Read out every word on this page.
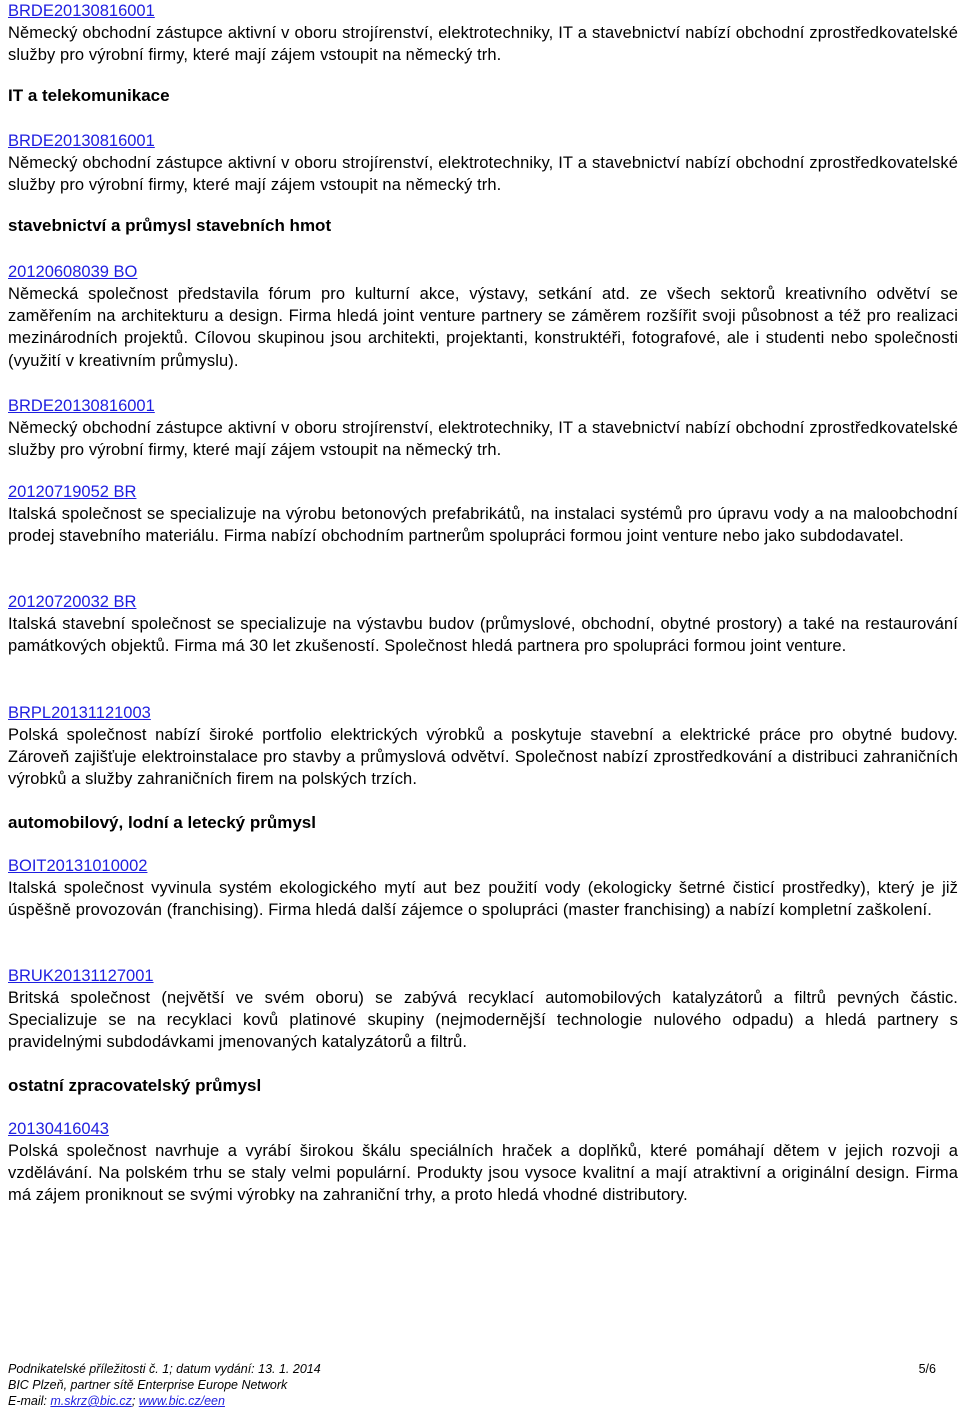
BRDE20130816001

Německý obchodní zástupce aktivní v oboru strojírenství, elektrotechniky, IT a stavebnictví nabízí obchodní zprostředkovatelské služby pro výrobní firmy, které mají zájem vstoupit na německý trh.

IT a telekomunikace
BRDE20130816001

Německý obchodní zástupce aktivní v oboru strojírenství, elektrotechniky, IT a stavebnictví nabízí obchodní zprostředkovatelské služby pro výrobní firmy, které mají zájem vstoupit na německý trh.

stavebnictví a průmysl stavebních hmot
20120608039 BO

Německá společnost představila fórum pro kulturní akce, výstavy, setkání atd. ze všech sektorů kreativního odvětví se zaměřením na architekturu a design. Firma hledá joint venture partnery se záměrem rozšířit svoji působnost a též pro realizaci mezinárodních projektů. Cílovou skupinou jsou architekti, projektanti, konstruktéři, fotografové, ale i studenti nebo společnosti (využití v kreativním průmyslu).

BRDE20130816001

Německý obchodní zástupce aktivní v oboru strojírenství, elektrotechniky, IT a stavebnictví nabízí obchodní zprostředkovatelské služby pro výrobní firmy, které mají zájem vstoupit na německý trh.

20120719052 BR

Italská společnost se specializuje na výrobu betonových prefabrikátů, na instalaci systémů pro úpravu vody a na maloobchodní prodej stavebního materiálu. Firma nabízí obchodním partnerům spolupráci formou joint venture nebo jako subdodavatel.

20120720032 BR

Italská stavební společnost se specializuje na výstavbu budov (průmyslové, obchodní, obytné prostory) a také na restaurování památkových objektů. Firma má 30 let zkušeností. Společnost hledá partnera pro spolupráci formou joint venture.

BRPL20131121003

Polská společnost nabízí široké portfolio elektrických výrobků a poskytuje stavební a elektrické práce pro obytné budovy. Zároveň zajišťuje elektroinstalace pro stavby a průmyslová odvětví. Společnost nabízí zprostředkování a distribuci zahraničních výrobků a služby zahraničních firem na polských trzích.

automobilový, lodní a letecký průmysl
BOIT20131010002

Italská společnost vyvinula systém ekologického mytí aut bez použití vody (ekologicky šetrné čisticí prostředky), který je již úspěšně provozován (franchising). Firma hledá další zájemce o spolupráci (master franchising) a nabízí kompletní zaškolení.

BRUK20131127001

Britská společnost (největší ve svém oboru) se zabývá recyklací automobilových katalyzátorů a filtrů pevných částic. Specializuje se na recyklaci kovů platinové skupiny (nejmodernější technologie nulového odpadu) a hledá partnery s pravidelnými subdodávkami jmenovaných katalyzátorů a filtrů.

ostatní zpracovatelský průmysl
20130416043

Polská společnost navrhuje a vyrábí širokou škálu speciálních hraček a doplňků, které pomáhají dětem v jejich rozvoji a vzdělávání. Na polském trhu se staly velmi populární. Produkty jsou vysoce kvalitní a mají atraktivní a originální design. Firma má zájem proniknout se svými výrobky na zahraniční trhy, a proto hledá vhodné distributory.

Podnikatelské příležitosti č. 1; datum vydání: 13. 1. 2014	5/6
BIC Plzeň, partner sítě Enterprise Europe Network
E-mail: m.skrz@bic.cz; www.bic.cz/een
